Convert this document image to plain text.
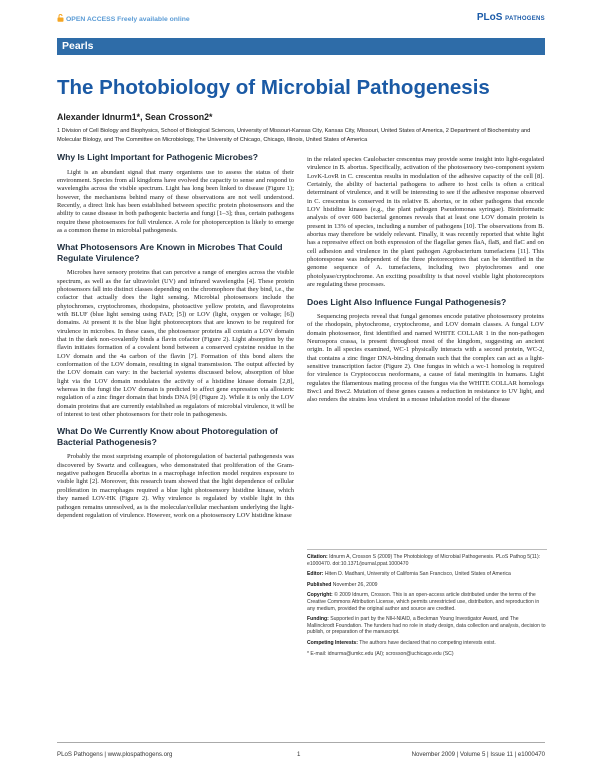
OPEN ACCESS Freely available online	PLoS PATHOGENS
Pearls
The Photobiology of Microbial Pathogenesis
Alexander Idnurm1*, Sean Crosson2*
1 Division of Cell Biology and Biophysics, School of Biological Sciences, University of Missouri-Kansas City, Kansas City, Missouri, United States of America, 2 Department of Biochemistry and Molecular Biology, and The Committee on Microbiology, The University of Chicago, Chicago, Illinois, United States of America
Why Is Light Important for Pathogenic Microbes?

Light is an abundant signal that many organisms use to assess the status of their environment. Species from all kingdoms have evolved the capacity to sense and respond to wavelengths across the visible spectrum. Light has long been linked to disease (Figure 1); however, the mechanisms behind many of these observations are not well understood. Recently, a direct link has been established between specific protein photosensors and the ability to cause disease in both pathogenic bacteria and fungi [1–3]; thus, certain pathogens require these photosensors for full virulence. A role for photoperception is likely to emerge as a common theme in microbial pathogenesis.

What Photosensors Are Known in Microbes That Could Regulate Virulence?

Microbes have sensory proteins that can perceive a range of energies across the visible spectrum, as well as the far ultraviolet (UV) and infrared wavelengths [4]. These protein photosensors fall into distinct classes depending on the chromophore that they bind, i.e., the cofactor that actually does the light sensing. Microbial photosensors include the phytochromes, cryptochromes, rhodopsins, photoactive yellow protein, and flavoproteins with BLUF (blue light sensing using FAD; [5]) or LOV (light, oxygen or voltage; [6]) domains. At present it is the blue light photoreceptors that are known to be required for virulence in microbes. In these cases, the photosensor proteins all contain a LOV domain that in the dark non-covalently binds a flavin cofactor (Figure 2). Light absorption by the flavin initiates formation of a covalent bond between a conserved cysteine residue in the LOV domain and the 4a carbon of the flavin [7]. Formation of this bond alters the conformation of the LOV domain, resulting in signal transmission. The output affected by the LOV domain can vary: in the bacterial systems discussed below, absorption of blue light via the LOV domain modulates the activity of a histidine kinase domain [2,8], whereas in the fungi the LOV domain is predicted to affect gene expression via allosteric regulation of a zinc finger domain that binds DNA [9] (Figure 2). While it is only the LOV domain proteins that are currently established as regulators of microbial virulence, it will be of interest to test other photosensors for their role in pathogenesis.

What Do We Currently Know about Photoregulation of Bacterial Pathogenesis?

Probably the most surprising example of photoregulation of bacterial pathogenesis was discovered by Swartz and colleagues, who demonstrated that proliferation of the Gram-negative pathogen Brucella abortus in a macrophage infection model requires exposure to visible light [2]. Moreover, this research team showed that the light dependence of cellular proliferation in macrophages required a blue light photosensory histidine kinase, which they named LOV-HK (Figure 2). Why virulence is regulated by visible light in this pathogen remains unresolved, as is the molecular/cellular mechanism underlying the light-dependent regulation of virulence. However, work on a photosensory LOV histidine kinase

in the related species Caulobacter crescentus may provide some insight into light-regulated virulence in B. abortus. Specifically, activation of the photosensory two-component system LovK-LovR in C. crescentus results in modulation of the adhesive capacity of the cell [8]. Certainly, the ability of bacterial pathogens to adhere to host cells is often a critical determinant of virulence, and it will be interesting to see if the adhesive response observed in C. crescentus is conserved in its relative B. abortus, or in other pathogens that encode LOV histidine kinases (e.g., the plant pathogen Pseudomonas syringae). Bioinformatic analysis of over 600 bacterial genomes reveals that at least one LOV domain protein is present in 13% of species, including a number of pathogens [10]. The observations from B. abortus may therefore be widely relevant. Finally, it was recently reported that white light has a repressive effect on both expression of the flagellar genes flaA, flaB, and flaC and on cell adhesion and virulence in the plant pathogen Agrobacterium tumefaciens [11]. This photoresponse was independent of the three photoreceptors that can be identified in the genome sequence of A. tumefaciens, including two phytochromes and one photolyase/cryptochrome. An exciting possibility is that novel visible light photoreceptors are regulating these processes.

Does Light Also Influence Fungal Pathogenesis?

Sequencing projects reveal that fungal genomes encode putative photosensory proteins of the rhodopsin, phytochrome, cryptochrome, and LOV domain classes. A fungal LOV domain photosensor, first identified and named WHITE COLLAR 1 in the non-pathogen Neurospora crassa, is present throughout most of the kingdom, suggesting an ancient origin. In all species examined, WC-1 physically interacts with a second protein, WC-2, that contains a zinc finger DNA-binding domain such that the complex can act as a light-sensitive transcription factor (Figure 2). One fungus in which a wc-1 homolog is required for virulence is Cryptococcus neoformans, a cause of fatal meningitis in humans. Light regulates the filamentous mating process of the fungus via the WHITE COLLAR homologs Bwc1 and Bwc2. Mutation of these genes causes a reduction in resistance to UV light, and also renders the strains less virulent in a mouse inhalation model of the disease

Citation: Idnurm A, Crosson S (2009) The Photobiology of Microbial Pathogenesis. PLoS Pathog 5(11): e1000470. doi:10.1371/journal.ppat.1000470
Editor: Hiten D. Madhani, University of California San Francisco, United States of America
Published November 26, 2009
Copyright: © 2009 Idnurm, Crosson. This is an open-access article distributed under the terms of the Creative Commons Attribution License, which permits unrestricted use, distribution, and reproduction in any medium, provided the original author and source are credited.
Funding: Supported in part by the NIH-NIAID, a Beckman Young Investigator Award, and The Mallinckrodt Foundation. The funders had no role in study design, data collection and analysis, decision to publish, or preparation of the manuscript.
Competing Interests: The authors have declared that no competing interests exist.
* E-mail: idnurma@umkc.edu (AI); scrosson@uchicago.edu (SC)
PLoS Pathogens | www.plospathogens.org	1	November 2009 | Volume 5 | Issue 11 | e1000470
